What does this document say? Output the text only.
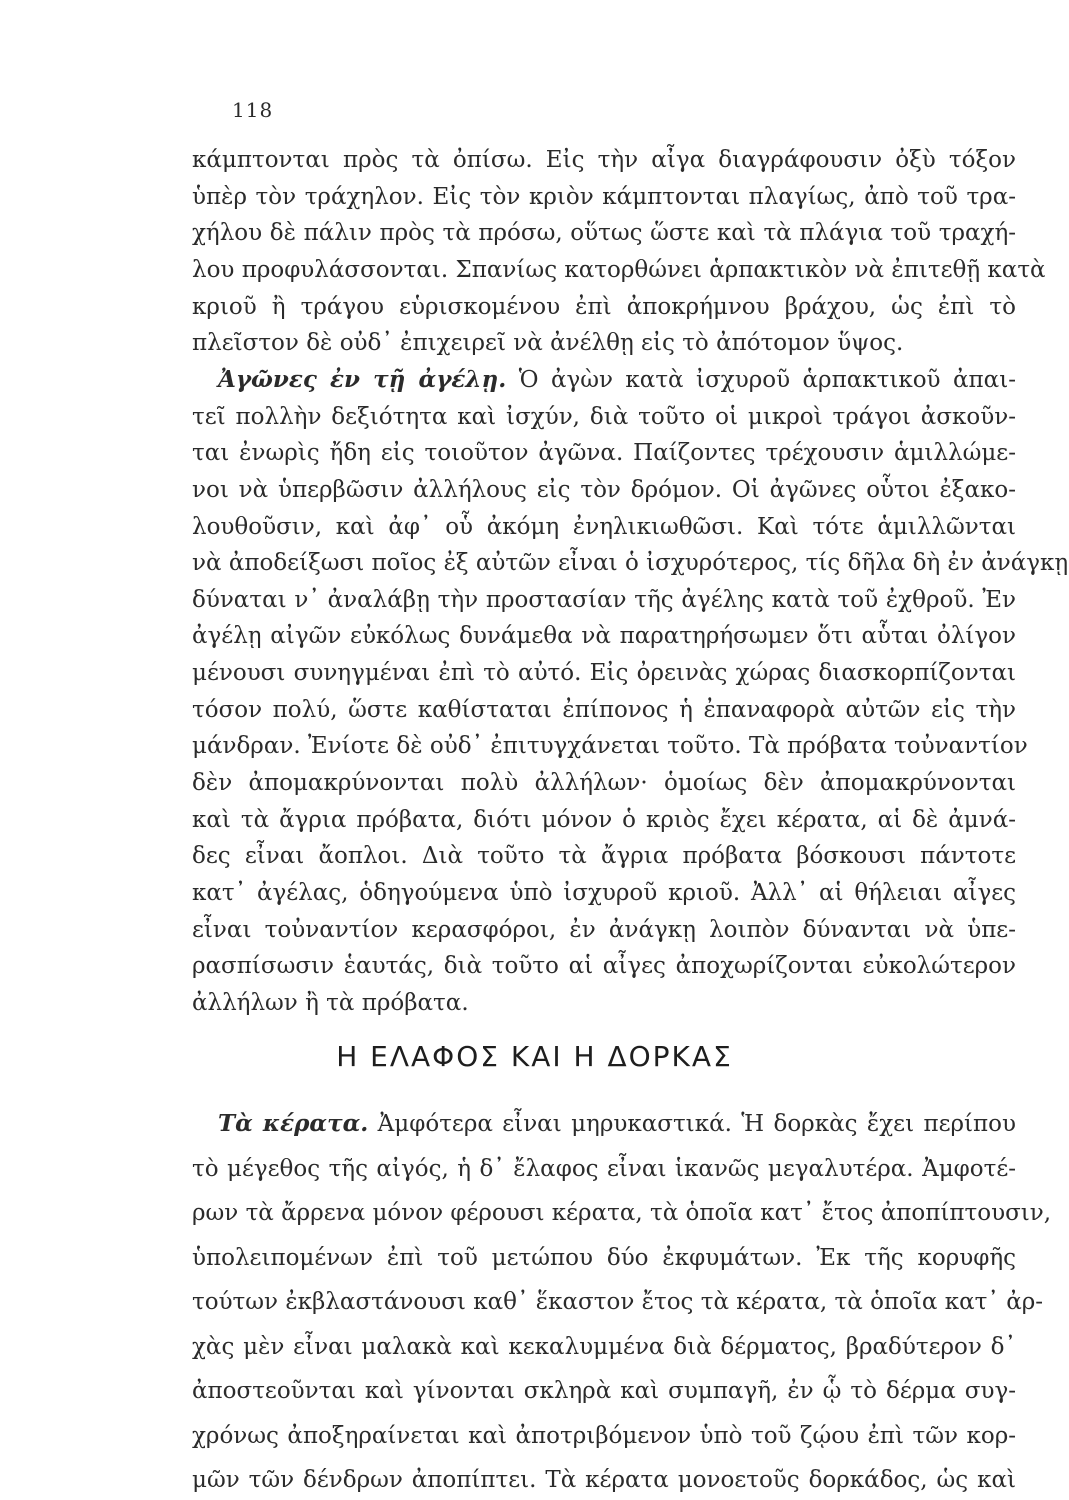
118
κάμπτονται πρὸς τὰ ὀπίσω. Εἰς τὴν αἶγα διαγράφουσιν ὀξὺ τόξον
ὑπὲρ τὸν τράχηλον. Εἰς τὸν κριὸν κάμπτονται πλαγίως, ἀπὸ τοῦ τρα-
χήλου δὲ πάλιν πρὸς τὰ πρόσω, οὕτως ὥστε καὶ τὰ πλάγια τοῦ τραχή-
λου προφυλάσσονται. Σπανίως κατορθώνει ἁρπακτικὸν νὰ ἐπιτεθῇ κατὰ
κριοῦ ἢ τράγου εὑρισκομένου ἐπὶ ἀποκρήμνου βράχου, ὡς ἐπὶ τὸ
πλεῖστον δὲ οὐδ᾽ ἐπιχειρεῖ νὰ ἀνέλθῃ εἰς τὸ ἀπότομον ὕψος.
Ἀγῶνες ἐν τῇ ἀγέλῃ. Ὁ ἀγὼν κατὰ ἰσχυροῦ ἁρπακτικοῦ ἀπαι-
τεῖ πολλὴν δεξιότητα καὶ ἰσχύν, διὰ τοῦτο οἱ μικροὶ τράγοι ἀσκοῦν-
ται ἐνωρὶς ἤδη εἰς τοιοῦτον ἀγῶνα. Παίζοντες τρέχουσιν ἁμιλλώμε-
νοι νὰ ὑπερβῶσιν ἀλλήλους εἰς τὸν δρόμον. Οἱ ἀγῶνες οὗτοι ἐξακο-
λουθοῦσιν, καὶ ἀφ᾽ οὗ ἀκόμη ἐνηλικιωθῶσι. Καὶ τότε ἁμιλλῶνται
νὰ ἀποδείξωσι ποῖος ἐξ αὐτῶν εἶναι ὁ ἰσχυρότερος, τίς δῆλα δὴ ἐν ἀνάγκῃ
δύναται ν᾽ ἀναλάβῃ τὴν προστασίαν τῆς ἀγέλης κατὰ τοῦ ἐχθροῦ. Ἐν
ἀγέλῃ αἰγῶν εὐκόλως δυνάμεθα νὰ παρατηρήσωμεν ὅτι αὗται ὀλίγον
μένουσι συνηγμέναι ἐπὶ τὸ αὐτό. Εἰς ὀρεινὰς χώρας διασκορπίζονται
τόσον πολύ, ὥστε καθίσταται ἐπίπονος ἡ ἐπαναφορὰ αὐτῶν εἰς τὴν
μάνδραν. Ἐνίοτε δὲ οὐδ᾽ ἐπιτυγχάνεται τοῦτο. Τὰ πρόβατα τοὐναντίον
δὲν ἀπομακρύνονται πολὺ ἀλλήλων· ὁμοίως δὲν ἀπομακρύνονται
καὶ τὰ ἄγρια πρόβατα, διότι μόνον ὁ κριὸς ἔχει κέρατα, αἱ δὲ ἀμνά-
δες εἶναι ἄοπλοι. Διὰ τοῦτο τὰ ἄγρια πρόβατα βόσκουσι πάντοτε
κατ᾽ ἀγέλας, ὁδηγούμενα ὑπὸ ἰσχυροῦ κριοῦ. Ἀλλ᾽ αἱ θήλειαι αἶγες
εἶναι τοὐναντίον κερασφόροι, ἐν ἀνάγκῃ λοιπὸν δύνανται νὰ ὑπε-
ρασπίσωσιν ἑαυτάς, διὰ τοῦτο αἱ αἶγες ἀποχωρίζονται εὐκολώτερον
ἀλλήλων ἢ τὰ πρόβατα.
Η ΕΛΑΦΟΣ ΚΑΙ Η ΔΟΡΚΑΣ
Τὰ κέρατα. Ἀμφότερα εἶναι μηρυκαστικά. Ἡ δορκὰς ἔχει περίπου
τὸ μέγεθος τῆς αἰγός, ἡ δ᾽ ἔλαφος εἶναι ἱκανῶς μεγαλυτέρα. Ἀμφοτέ-
ρων τὰ ἄρρενα μόνον φέρουσι κέρατα, τὰ ὁποῖα κατ᾽ ἔτος ἀποπίπτουσιν,
ὑπολειπομένων ἐπὶ τοῦ μετώπου δύο ἐκφυμάτων. Ἐκ τῆς κορυφῆς
τούτων ἐκβλαστάνουσι καθ᾽ ἕκαστον ἔτος τὰ κέρατα, τὰ ὁποῖα κατ᾽ ἀρ-
χὰς μὲν εἶναι μαλακὰ καὶ κεκαλυμμένα διὰ δέρματος, βραδύτερον δ᾽
ἀποστεοῦνται καὶ γίνονται σκληρὰ καὶ συμπαγῆ, ἐν ᾧ τὸ δέρμα συγ-
χρόνως ἀποξηραίνεται καὶ ἀποτριβόμενον ὑπὸ τοῦ ζῴου ἐπὶ τῶν κορ-
μῶν τῶν δένδρων ἀποπίπτει. Τὰ κέρατα μονοετοῦς δορκάδος, ὡς καὶ
